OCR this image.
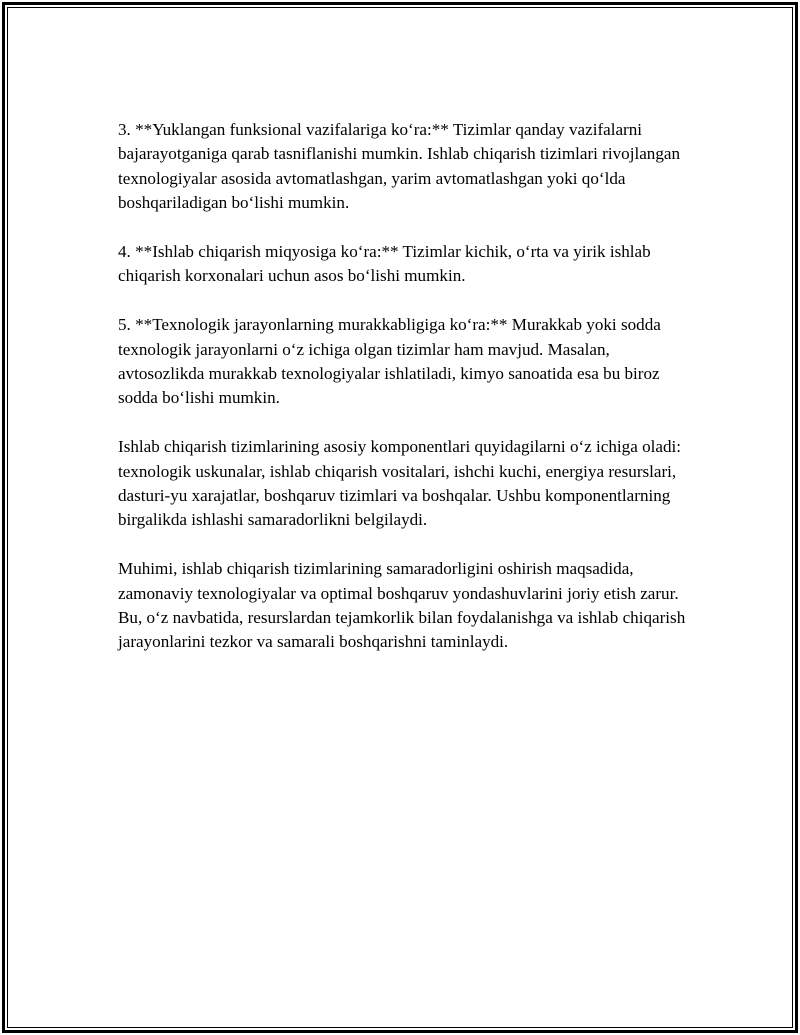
3. **Yuklangan funksional vazifalariga koʻra:** Tizimlar qanday vazifalarni bajarayotganiga qarab tasniflanishi mumkin. Ishlab chiqarish tizimlari rivojlangan texnologiyalar asosida avtomatlashgan, yarim avtomatlashgan yoki qoʻlda boshqariladigan boʻlishi mumkin.

4. **Ishlab chiqarish miqyosiga koʻra:** Tizimlar kichik, oʻrta va yirik ishlab chiqarish korxonalari uchun asos boʻlishi mumkin.

5. **Texnologik jarayonlarning murakkabligiga koʻra:** Murakkab yoki sodda texnologik jarayonlarni oʻz ichiga olgan tizimlar ham mavjud. Masalan, avtosozlikda murakkab texnologiyalar ishlatiladi, kimyo sanoatida esa bu biroz sodda boʻlishi mumkin.

Ishlab chiqarish tizimlarining asosiy komponentlari quyidagilarni oʻz ichiga oladi: texnologik uskunalar, ishlab chiqarish vositalari, ishchi kuchi, energiya resurslari, dasturi-yu xarajatlar, boshqaruv tizimlari va boshqalar. Ushbu komponentlarning birgalikda ishlashi samaradorlikni belgilaydi.

Muhimi, ishlab chiqarish tizimlarining samaradorligini oshirish maqsadida, zamonaviy texnologiyalar va optimal boshqaruv yondashuvlarini joriy etish zarur. Bu, oʻz navbatida, resurslardan tejamkorlik bilan foydalanishga va ishlab chiqarish jarayonlarini tezkor va samarali boshqarishni taminlaydi.
